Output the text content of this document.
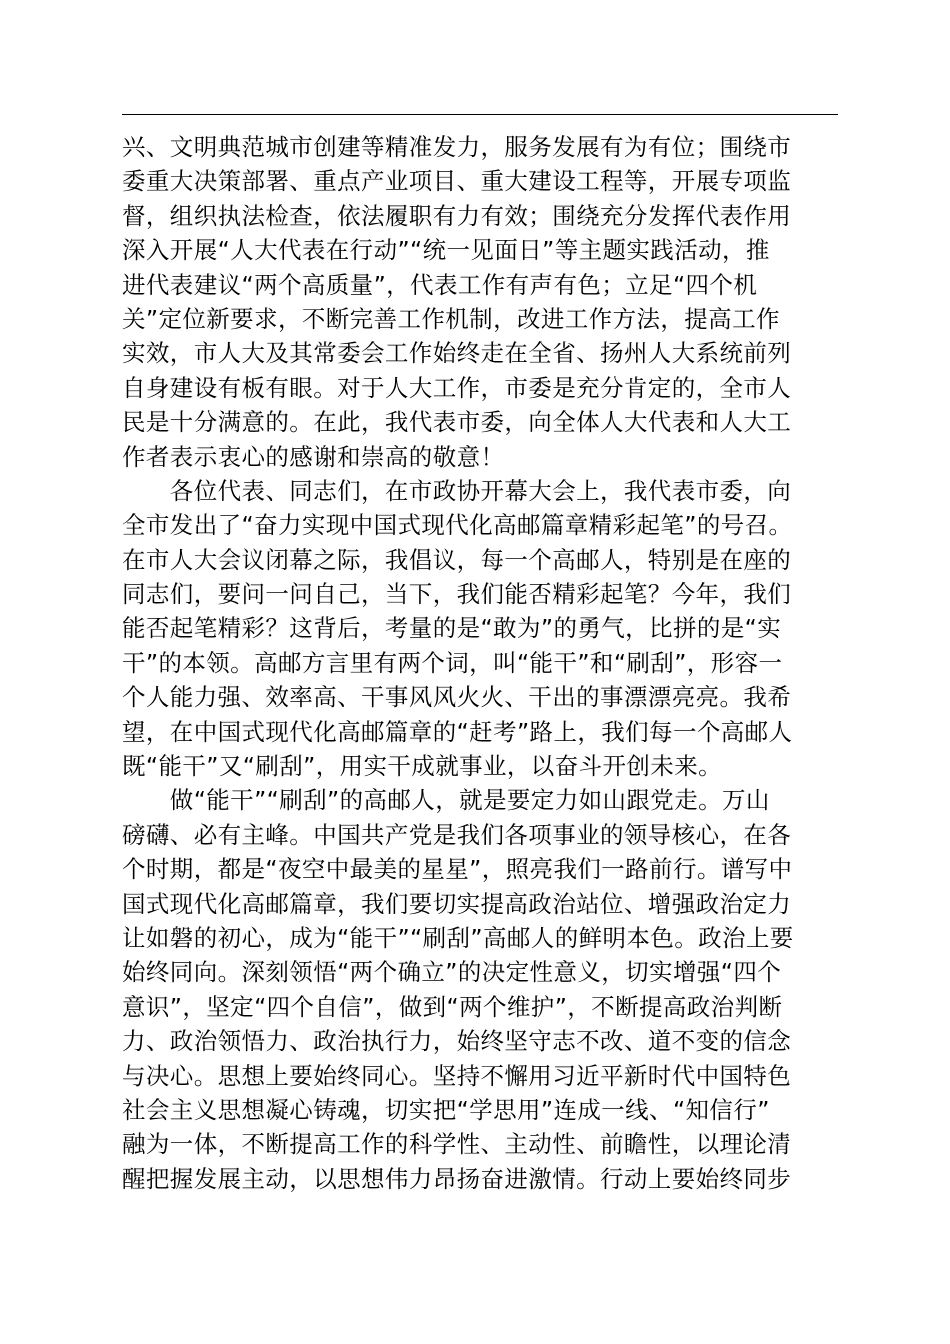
兴、文明典范城市创建等精准发力，服务发展有为有位；围绕市
委重大决策部署、重点产业项目、重大建设工程等，开展专项监
督，组织执法检查，依法履职有力有效；围绕充分发挥代表作用
深入开展“人大代表在行动”“统一见面日”等主题实践活动，推
进代表建议“两个高质量”，代表工作有声有色；立足“四个机
关”定位新要求，不断完善工作机制，改进工作方法，提高工作
实效，市人大及其常委会工作始终走在全省、扬州人大系统前列
自身建设有板有眼。对于人大工作，市委是充分肯定的，全市人
民是十分满意的。在此，我代表市委，向全体人大代表和人大工
作者表示衷心的感谢和崇高的敬意！
　　各位代表、同志们，在市政协开幕大会上，我代表市委，向
全市发出了“奋力实现中国式现代化高邮篇章精彩起笔”的号召。
在市人大会议闭幕之际，我倡议，每一个高邮人，特别是在座的
同志们，要问一问自己，当下，我们能否精彩起笔？今年，我们
能否起笔精彩？这背后，考量的是“敢为”的勇气，比拼的是“实
干”的本领。高邮方言里有两个词，叫“能干”和“刷刮”，形容一
个人能力强、效率高、干事风风火火、干出的事漂漂亮亮。我希
望，在中国式现代化高邮篇章的“赶考”路上，我们每一个高邮人
既“能干”又“刷刮”，用实干成就事业，以奋斗开创未来。
　　做“能干”“刷刮”的高邮人，就是要定力如山跟党走。万山
磅礴、必有主峰。中国共产党是我们各项事业的领导核心，在各
个时期，都是“夜空中最美的星星”，照亮我们一路前行。谱写中
国式现代化高邮篇章，我们要切实提高政治站位、增强政治定力
让如磐的初心，成为“能干”“刷刮”高邮人的鲜明本色。政治上要
始终同向。深刻领悟“两个确立”的决定性意义，切实增强“四个
意识”，坚定“四个自信”，做到“两个维护”，不断提高政治判断
力、政治领悟力、政治执行力，始终坚守志不改、道不变的信念
与决心。思想上要始终同心。坚持不懈用习近平新时代中国特色
社会主义思想凝心铸魂，切实把“学思用”连成一线、“知信行”
融为一体，不断提高工作的科学性、主动性、前瞻性，以理论清
醒把握发展主动，以思想伟力昂扬奋进激情。行动上要始终同步
